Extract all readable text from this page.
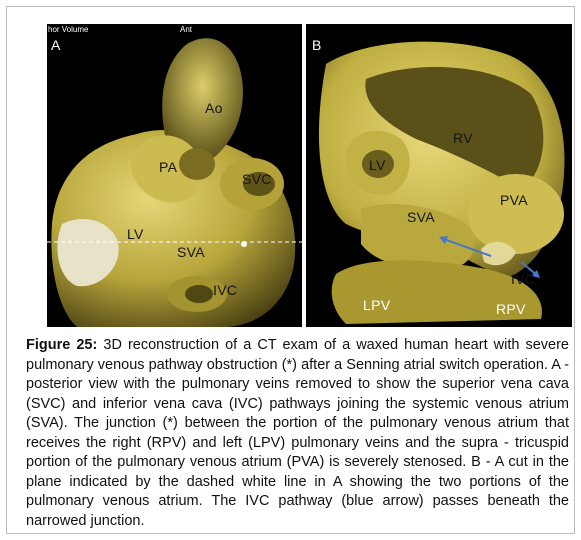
A
hor Volume	Ant
Ao
PA
SVC
LV
SVA
IVC
B
RV
LV
PVA
SVA
IVC
LPV	RPV
Figure 25: 3D reconstruction of a CT exam of a waxed human heart with severe pulmonary venous pathway obstruction (*) after a Senning atrial switch operation. A - posterior view with the pulmonary veins removed to show the superior vena cava (SVC) and inferior vena cava (IVC) pathways joining the systemic venous atrium (SVA). The junction (*) between the portion of the pulmonary venous atrium that receives the right (RPV) and left (LPV) pulmonary veins and the supra - tricuspid portion of the pulmonary venous atrium (PVA) is severely stenosed. B - A cut in the plane indicated by the dashed white line in A showing the two portions of the pulmonary venous atrium. The IVC pathway (blue arrow) passes beneath the narrowed junction.
